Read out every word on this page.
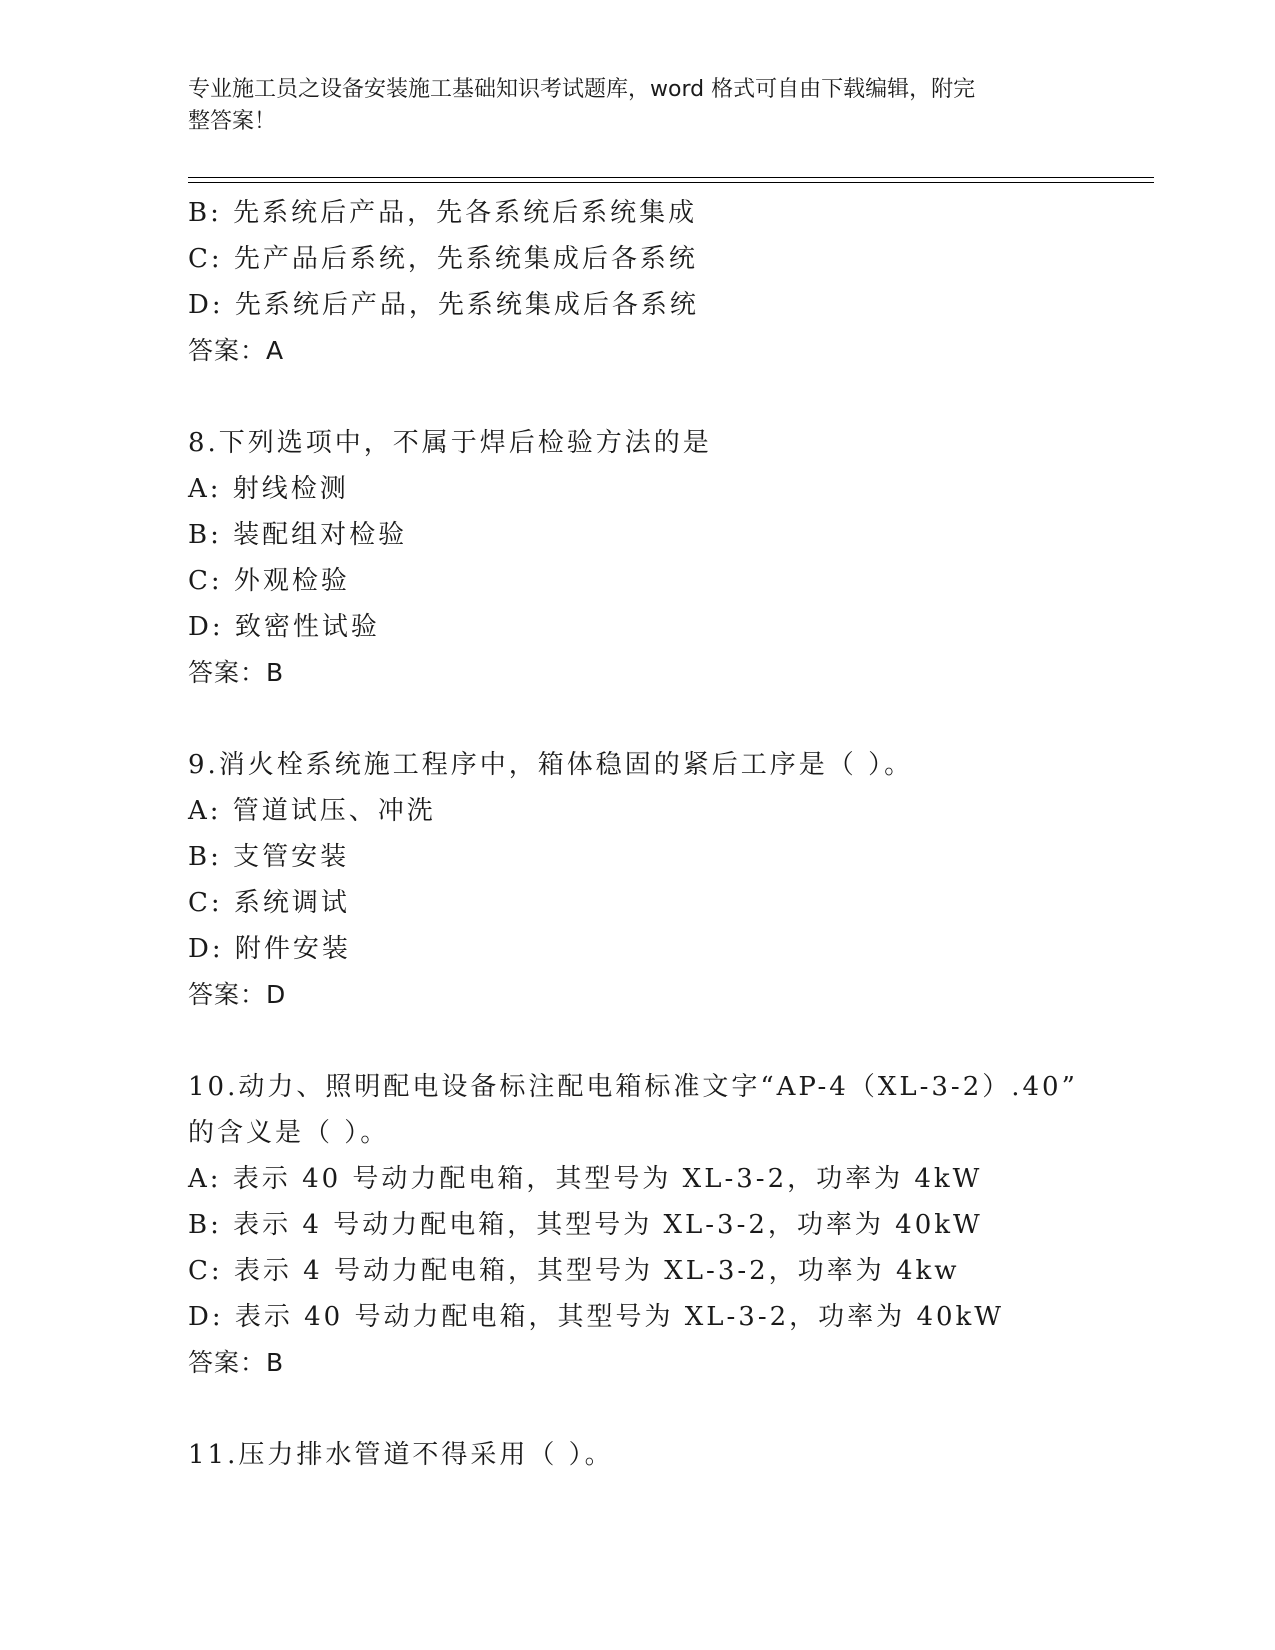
专业施工员之设备安装施工基础知识考试题库，word 格式可自由下载编辑，附完
整答案！
B: 先系统后产品，先各系统后系统集成
C: 先产品后系统，先系统集成后各系统
D: 先系统后产品，先系统集成后各系统
答案：A
8.下列选项中，不属于焊后检验方法的是
A: 射线检测
B: 装配组对检验
C: 外观检验
D: 致密性试验
答案：B
9.消火栓系统施工程序中，箱体稳固的紧后工序是（ ）。
A: 管道试压、冲洗
B: 支管安装
C: 系统调试
D: 附件安装
答案：D
10.动力、照明配电设备标注配电箱标准文字“AP-4（XL-3-2）.40”
的含义是（ ）。
A: 表示 40 号动力配电箱，其型号为 XL-3-2，功率为 4kW
B: 表示 4 号动力配电箱，其型号为 XL-3-2，功率为 40kW
C: 表示 4 号动力配电箱，其型号为 XL-3-2，功率为 4kw
D: 表示 40 号动力配电箱，其型号为 XL-3-2，功率为 40kW
答案：B
11.压力排水管道不得采用（ ）。
